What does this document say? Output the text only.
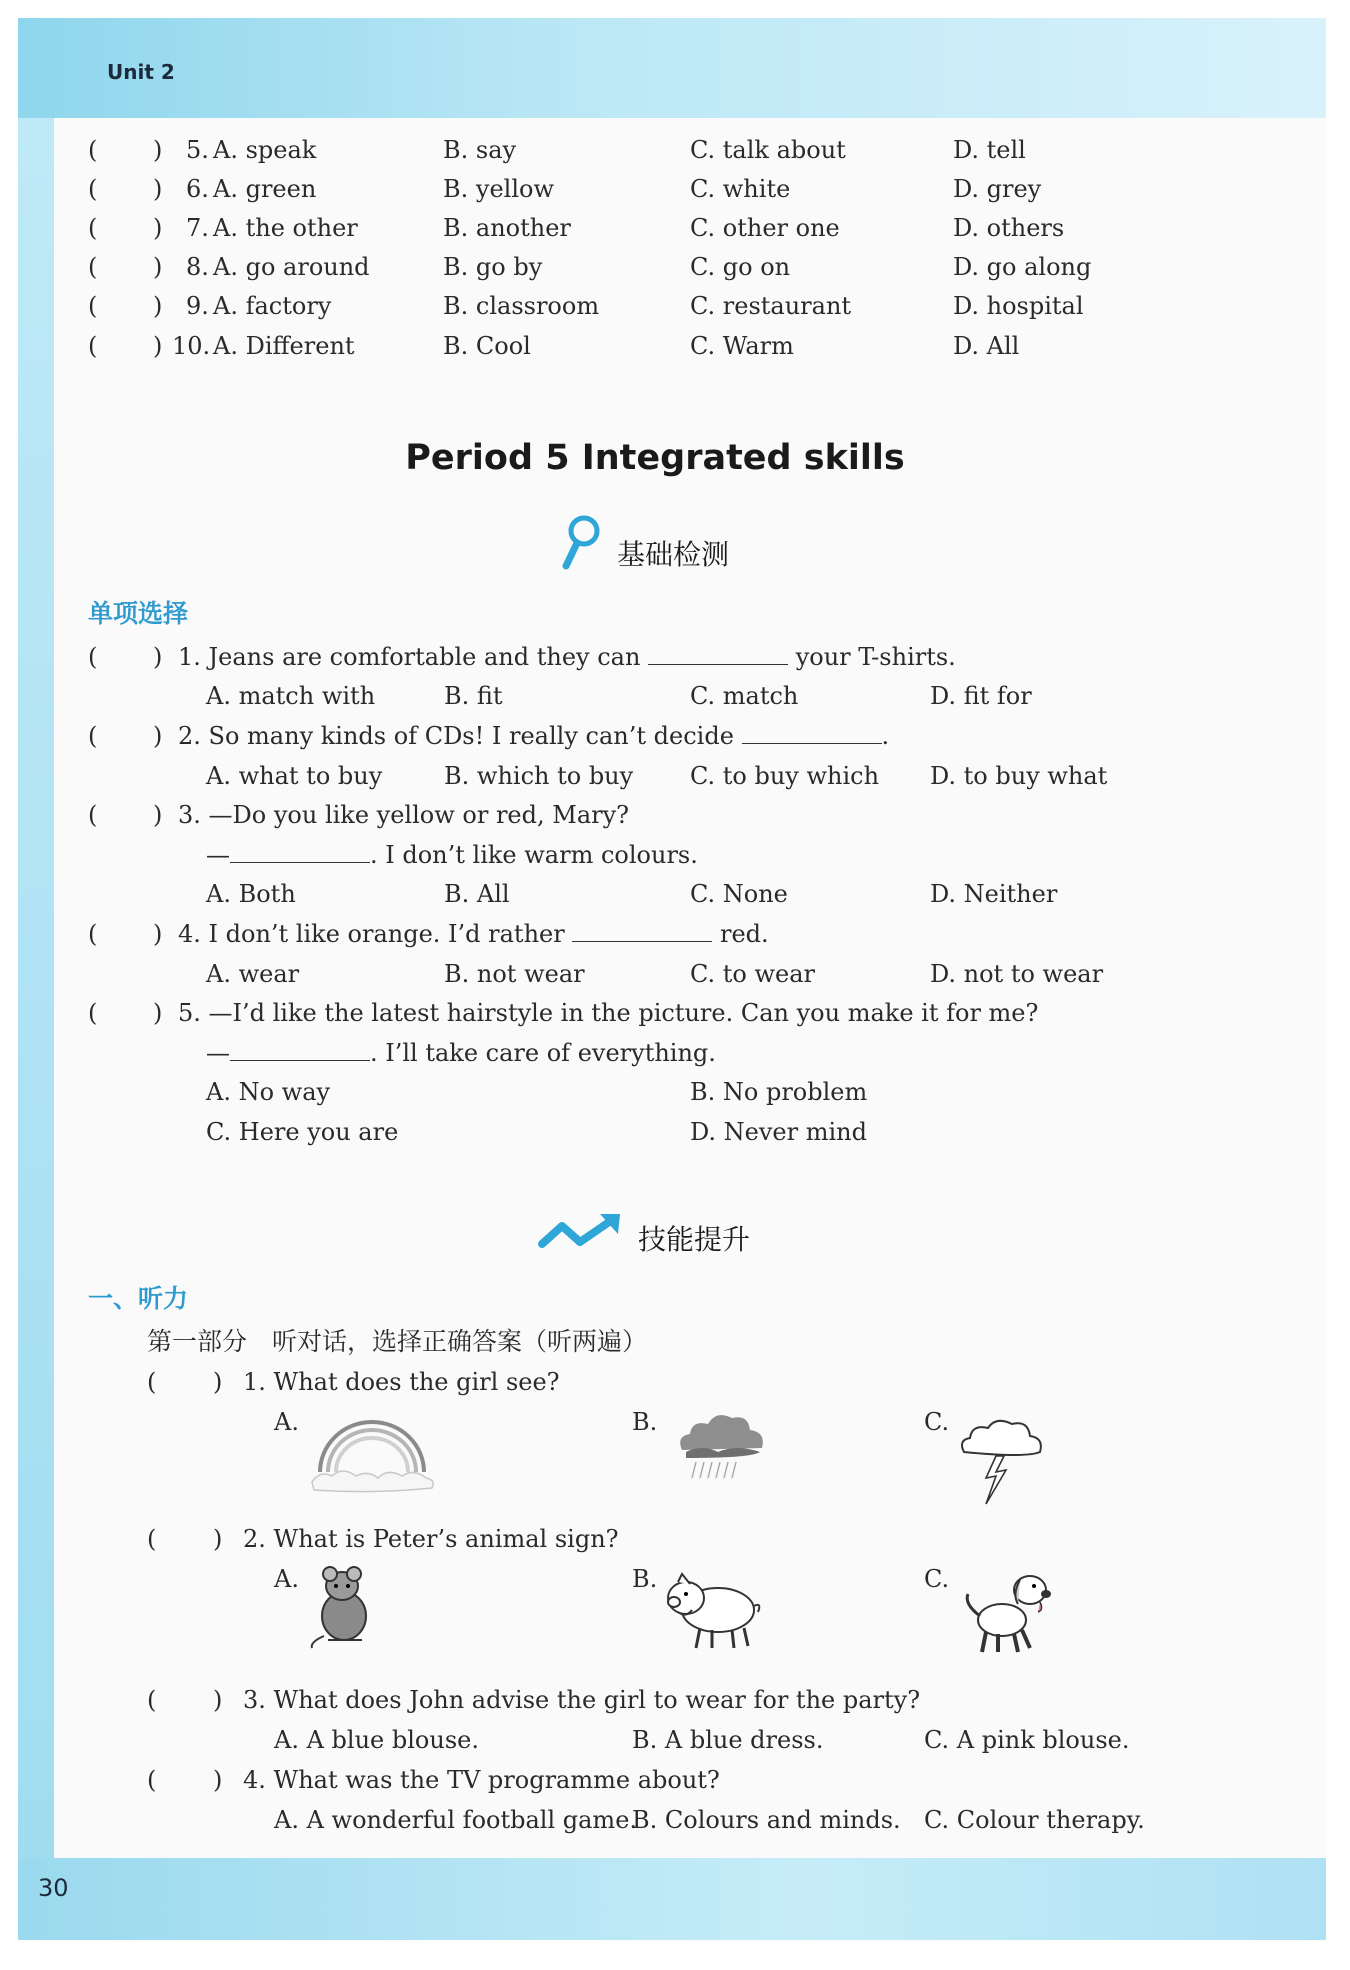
Unit 2
30
( ) 5. A. speak	B. say	C. talk about	D. tell
( ) 6. A. green	B. yellow	C. white	D. grey
( ) 7. A. the other	B. another	C. other one	D. others
( ) 8. A. go around	B. go by	C. go on	D. go along
( ) 9. A. factory	B. classroom	C. restaurant	D. hospital
( ) 10. A. Different	B. Cool	C. Warm	D. All
Period 5 Integrated skills
基础检测
单项选择
( ) 1. Jeans are comfortable and they can	your T-shirts.
A. match with	B. fit	C. match	D. fit for
( ) 2. So many kinds of CDs! I really can’t decide	.
A. what to buy	B. which to buy C. to buy which D. to buy what
( ) 3. —Do you like yellow or red, Mary?
—	. I don’t like warm colours.
A. Both	B. All	C. None	D. Neither
( ) 4. I don’t like orange. I’d rather	red.
A. wear	B. not wear	C. to wear	D. not to wear
( ) 5. —I’d like the latest hairstyle in the picture. Can you make it for me?
—	. I’ll take care of everything.
A. No way	B. No problem
C. Here you are	D. Never mind
技能提升
一、听力
第一部分　听对话，选择正确答案（听两遍）
( ) 1. What does the girl see?
A.	B.	C.
( ) 2. What is Peter’s animal sign?
A.	B.	C.
( ) 3. What does John advise the girl to wear for the party?
A. A blue blouse.	B. A blue dress.	C. A pink blouse.
( ) 4. What was the TV programme about?
A. A wonderful football game.
B. Colours and minds. C. Colour therapy.
